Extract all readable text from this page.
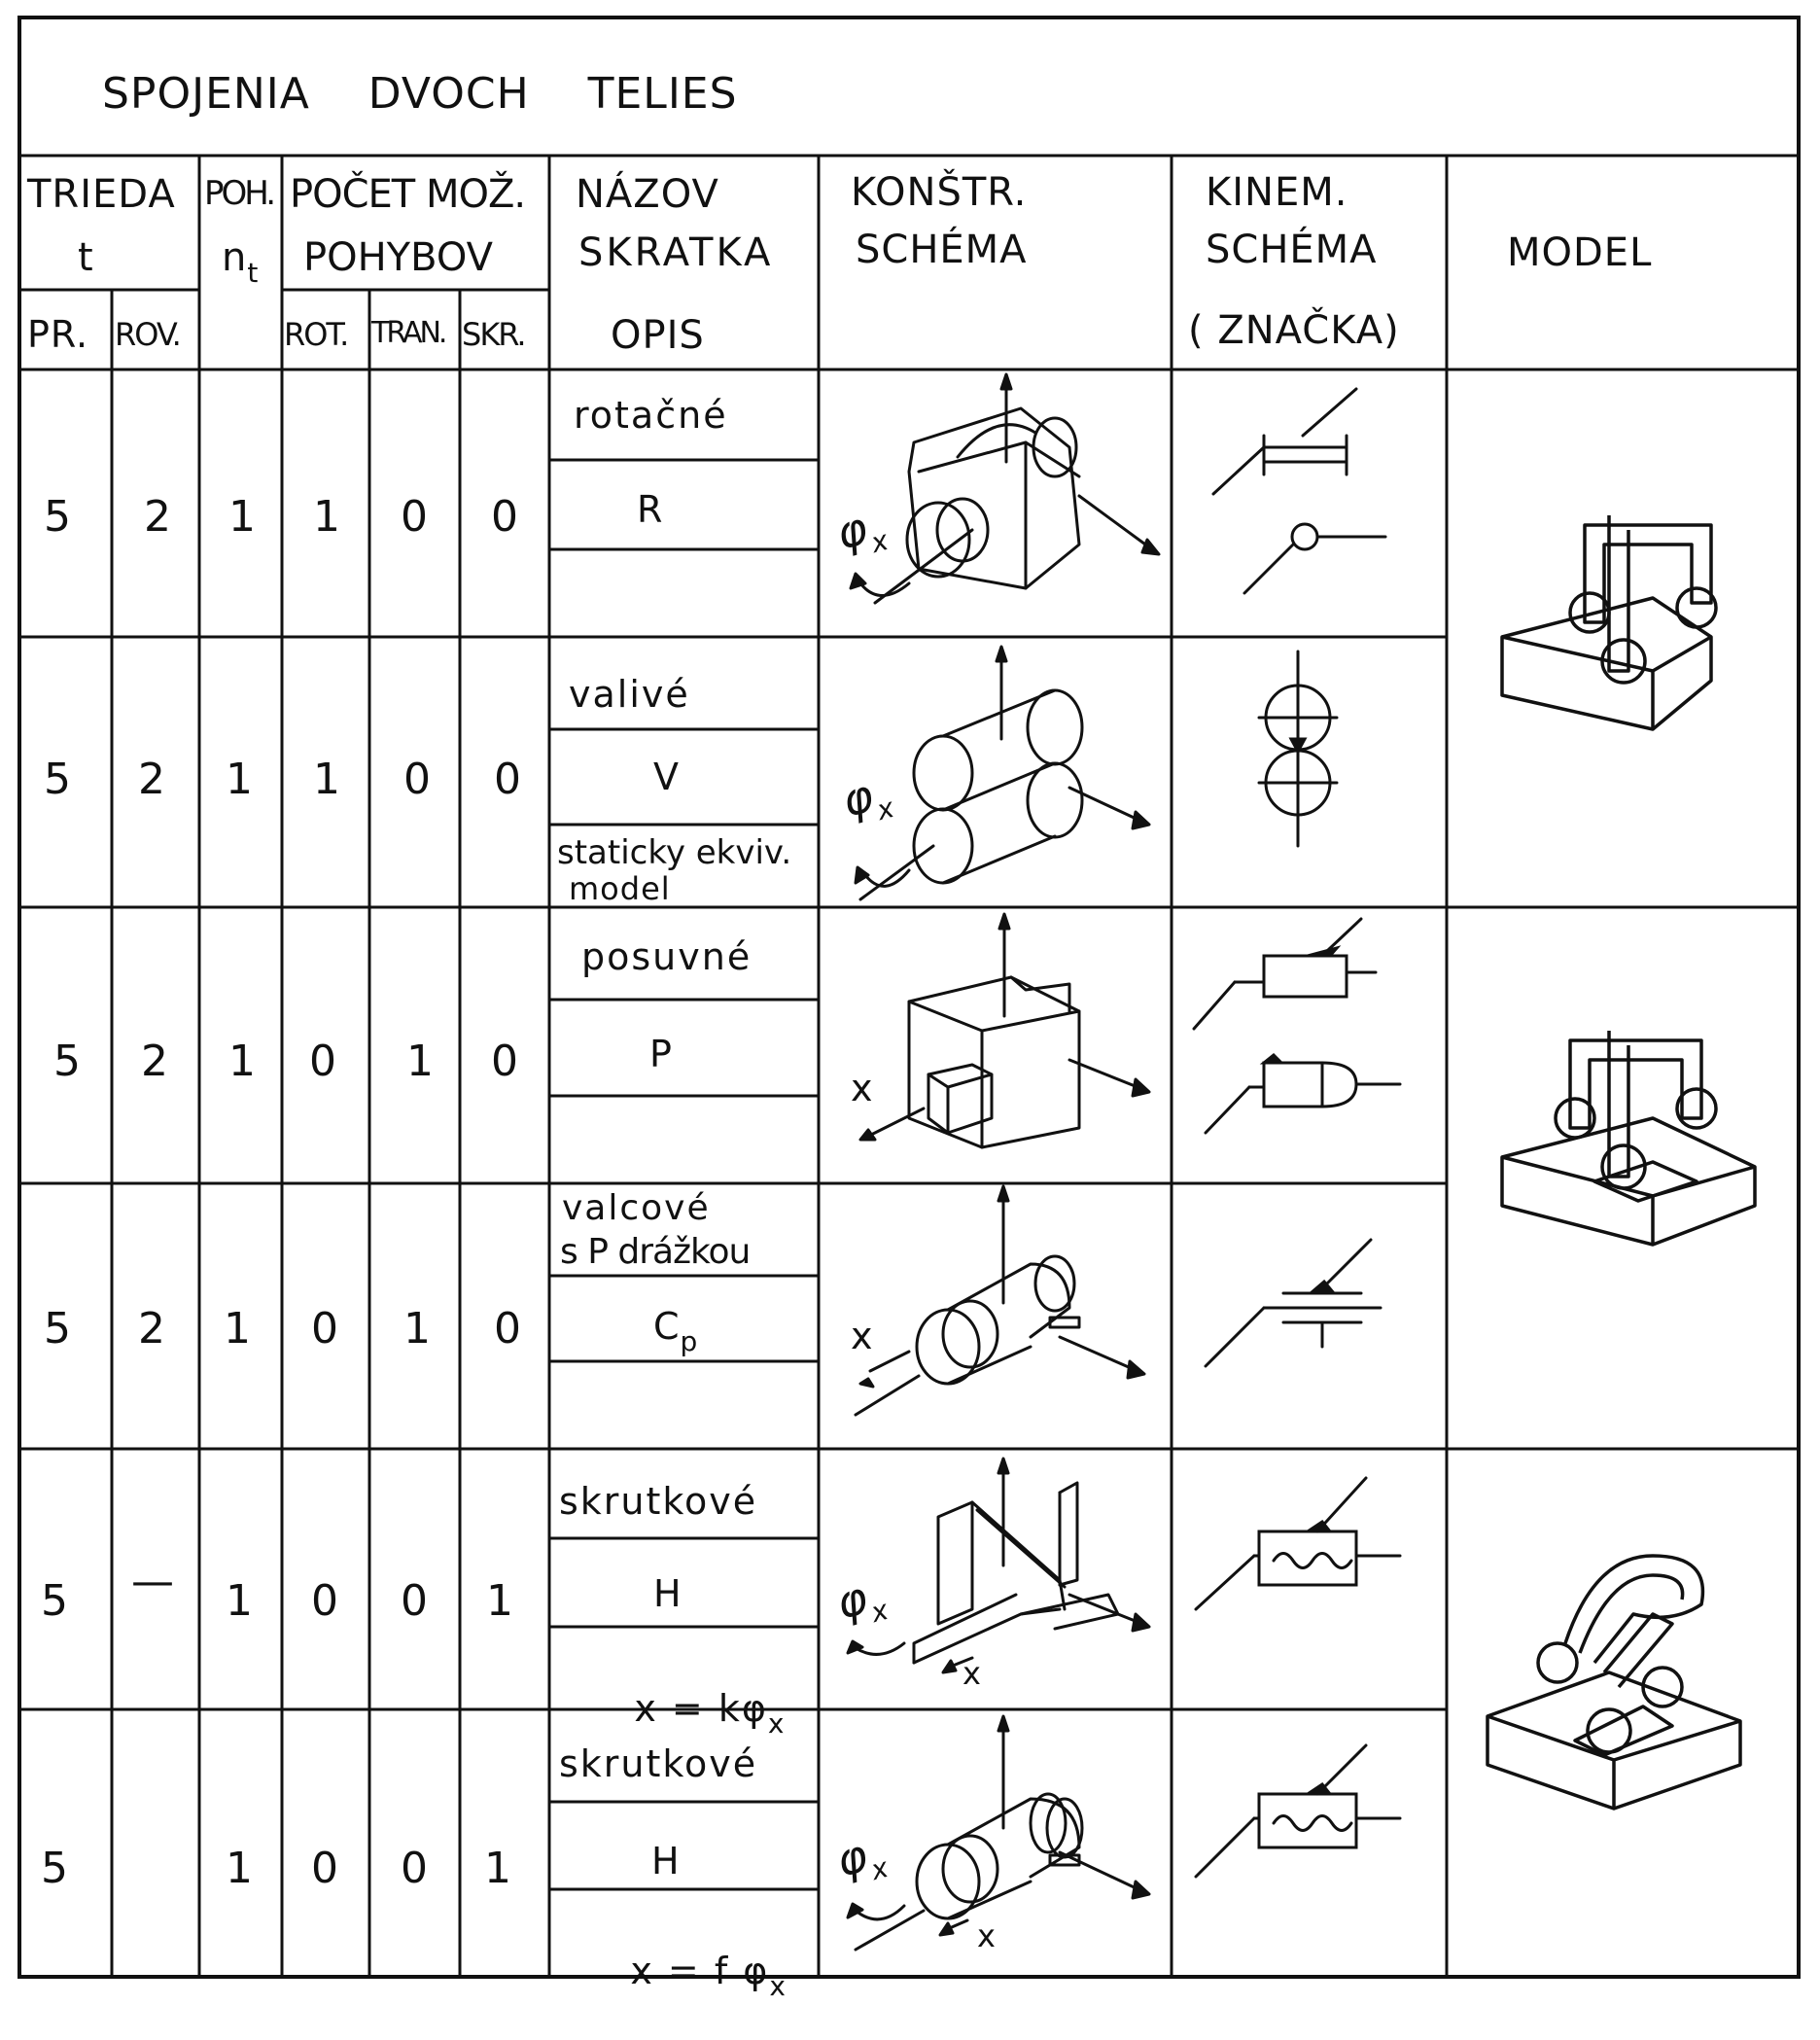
SPOJENIA    DVOCH    TELIES
TRIEDA
t
PR. ROV.
POH.
$n_t$
POČET MOŽ.
POHYBOV
ROT. TRAN. SKR.
NÁZOV
SKRATKA
OPIS
KONŠTR.
SCHÉMA
KINEM.
SCHÉMA
( ZNAČKA)
MODEL
5 2 1 1 0 0
rotačné
R
5 2 1 1 0 0
valivé
V
staticky ekviv.
model
5 2 1 0 1 0
posuvné
P
5 2 1 0 1 0
valcové
s P drážkou
$C_p$
5 — 1 0 0 1
skrutkové
H

$x = k\varphi_x$

5	1 0 0 1
skrutkové
H

x = f $\varphi_x$

$\varphi_x$
$\varphi_x$
x
x
$\varphi_x$
x
$\varphi_x$
x
